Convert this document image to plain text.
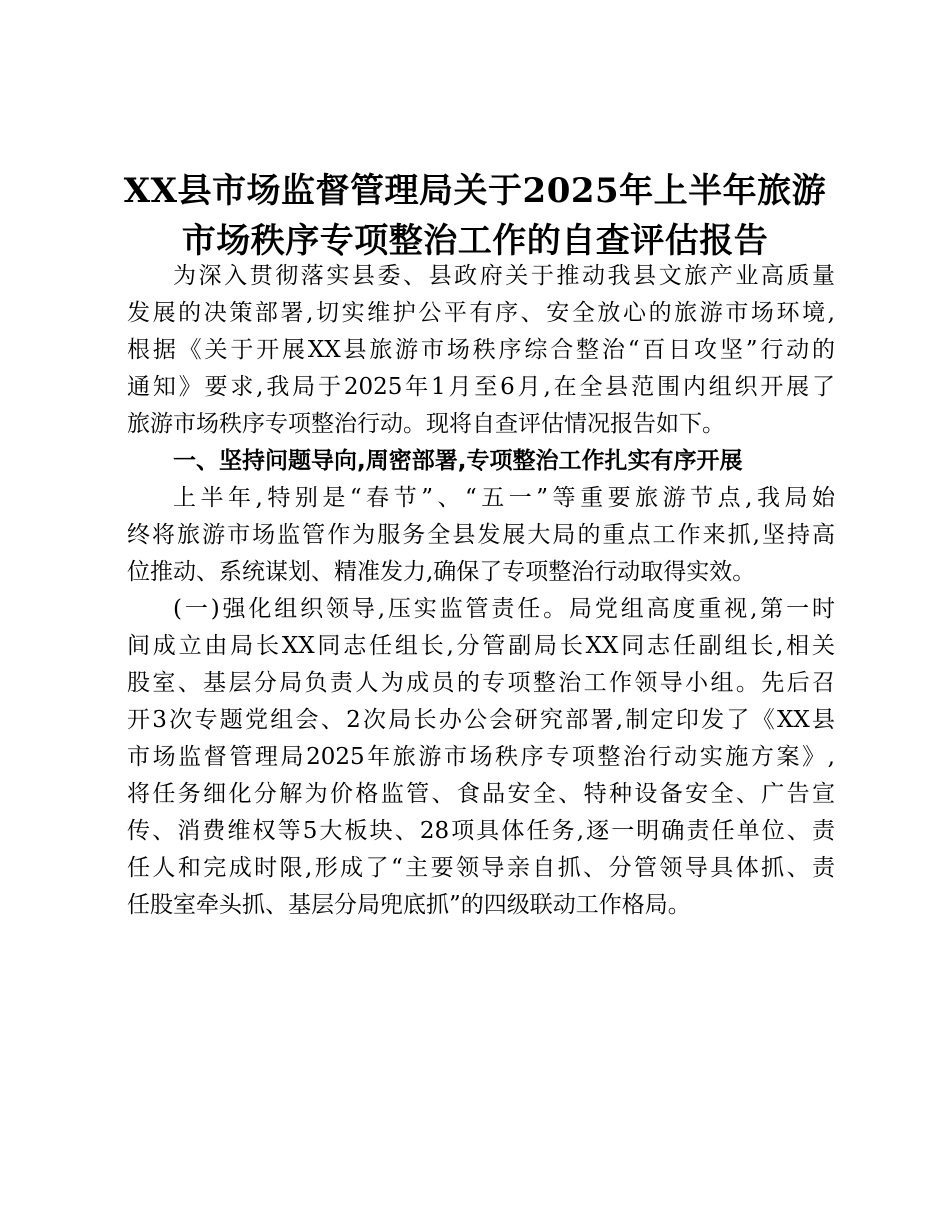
XX县市场监督管理局关于2025年上半年旅游
市场秩序专项整治工作的自查评估报告
为深入贯彻落实县委、县政府关于推动我县文旅产业高质量
发展的决策部署,切实维护公平有序、安全放心的旅游市场环境,
根据《关于开展XX县旅游市场秩序综合整治“百日攻坚”行动的
通知》要求,我局于2025年1月至6月,在全县范围内组织开展了
旅游市场秩序专项整治行动。现将自查评估情况报告如下。
一、坚持问题导向,周密部署,专项整治工作扎实有序开展
上半年,特别是“春节”、“五一”等重要旅游节点,我局始
终将旅游市场监管作为服务全县发展大局的重点工作来抓,坚持高
位推动、系统谋划、精准发力,确保了专项整治行动取得实效。
(一)强化组织领导,压实监管责任。局党组高度重视,第一时
间成立由局长XX同志任组长,分管副局长XX同志任副组长,相关
股室、基层分局负责人为成员的专项整治工作领导小组。先后召
开3次专题党组会、2次局长办公会研究部署,制定印发了《XX县
市场监督管理局2025年旅游市场秩序专项整治行动实施方案》,
将任务细化分解为价格监管、食品安全、特种设备安全、广告宣
传、消费维权等5大板块、28项具体任务,逐一明确责任单位、责
任人和完成时限,形成了“主要领导亲自抓、分管领导具体抓、责
任股室牵头抓、基层分局兜底抓”的四级联动工作格局。
